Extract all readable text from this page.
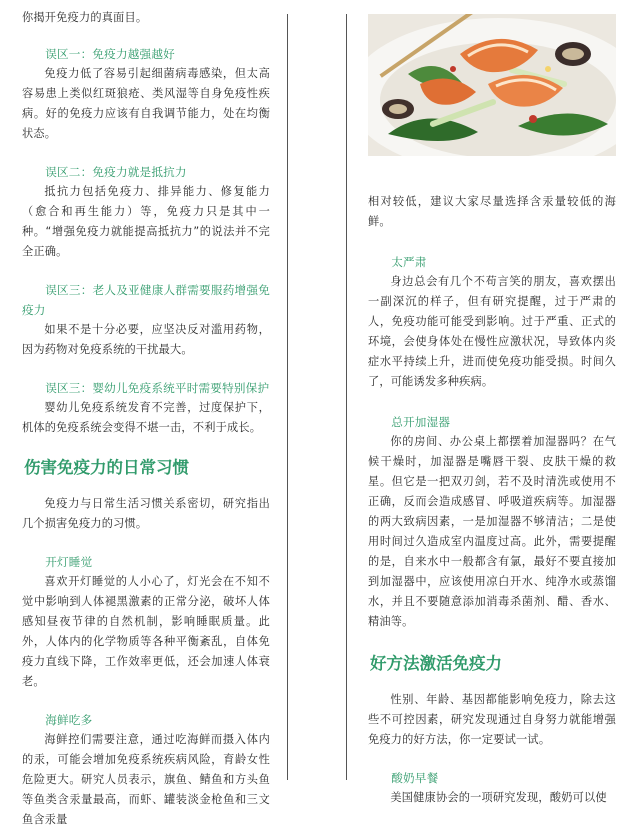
你揭开免疫力的真面目。

误区一：免疫力越强越好

免疫力低了容易引起细菌病毒感染，但太高容易患上类似红斑狼疮、类风湿等自身免疫性疾病。好的免疫力应该有自我调节能力，处在均衡状态。

误区二：免疫力就是抵抗力

抵抗力包括免疫力、排异能力、修复能力（愈合和再生能力）等，免疫力只是其中一种。“增强免疫力就能提高抵抗力”的说法并不完全正确。

误区三：老人及亚健康人群需要服药增强免疫力

如果不是十分必要，应坚决反对滥用药物，因为药物对免疫系统的干扰最大。

误区三：婴幼儿免疫系统平时需要特别保护

婴幼儿免疫系统发育不完善，过度保护下，机体的免疫系统会变得不堪一击，不利于成长。

伤害免疫力的日常习惯

免疫力与日常生活习惯关系密切，研究指出几个损害免疫力的习惯。

开灯睡觉

喜欢开灯睡觉的人小心了，灯光会在不知不觉中影响到人体褪黑激素的正常分泌，破坏人体感知昼夜节律的自然机制，影响睡眠质量。此外，人体内的化学物质等各种平衡紊乱，自体免疫力直线下降，工作效率更低，还会加速人体衰老。

海鲜吃多

海鲜控们需要注意，通过吃海鲜而摄入体内的汞，可能会增加免疫系统疾病风险，育龄女性危险更大。研究人员表示，旗鱼、鲭鱼和方头鱼等鱼类含汞量最高，而虾、罐装淡金枪鱼和三文鱼含汞量

相对较低，建议大家尽量选择含汞量较低的海鲜。

太严肃

身边总会有几个不苟言笑的朋友，喜欢摆出一副深沉的样子，但有研究提醒，过于严肃的人，免疫功能可能受到影响。过于严重、正式的环境，会使身体处在慢性应激状况，导致体内炎症水平持续上升，进而使免疫功能受损。时间久了，可能诱发多种疾病。

总开加湿器

你的房间、办公桌上都摆着加湿器吗？在气候干燥时，加湿器是嘴唇干裂、皮肤干燥的救星。但它是一把双刃剑，若不及时清洗或使用不正确，反而会造成感冒、呼吸道疾病等。加湿器的两大致病因素，一是加湿器不够清洁；二是使用时间过久造成室内温度过高。此外，需要提醒的是，自来水中一般都含有氯，最好不要直接加到加湿器中，应该使用凉白开水、纯净水或蒸馏水，并且不要随意添加消毒杀菌剂、醋、香水、精油等。

好方法激活免疫力

性别、年龄、基因都能影响免疫力，除去这些不可控因素，研究发现通过自身努力就能增强免疫力的好方法，你一定要试一试。

酸奶早餐

美国健康协会的一项研究发现，酸奶可以使
